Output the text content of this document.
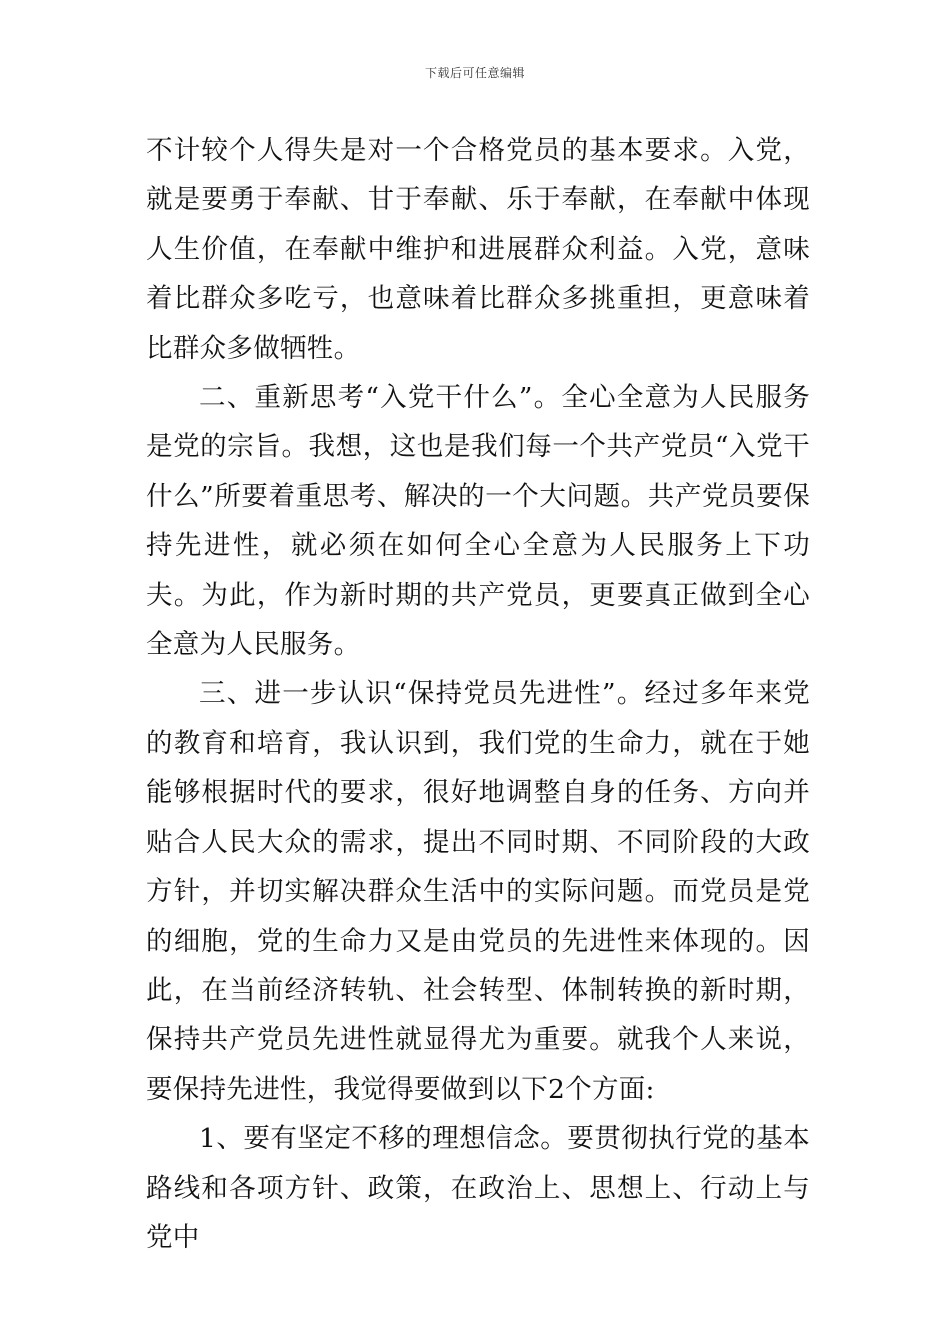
下载后可任意编辑

不计较个人得失是对一个合格党员的基本要求。入党，就是要勇于奉献、甘于奉献、乐于奉献，在奉献中体现人生价值，在奉献中维护和进展群众利益。入党，意味着比群众多吃亏，也意味着比群众多挑重担，更意味着比群众多做牺牲。

二、重新思考“入党干什么”。全心全意为人民服务是党的宗旨。我想，这也是我们每一个共产党员“入党干什么”所要着重思考、解决的一个大问题。共产党员要保持先进性，就必须在如何全心全意为人民服务上下功夫。为此，作为新时期的共产党员，更要真正做到全心全意为人民服务。

三、进一步认识“保持党员先进性”。经过多年来党的教育和培育，我认识到，我们党的生命力，就在于她能够根据时代的要求，很好地调整自身的任务、方向并贴合人民大众的需求，提出不同时期、不同阶段的大政方针，并切实解决群众生活中的实际问题。而党员是党的细胞，党的生命力又是由党员的先进性来体现的。因此，在当前经济转轨、社会转型、体制转换的新时期，保持共产党员先进性就显得尤为重要。就我个人来说，要保持先进性，我觉得要做到以下2个方面:

1、要有坚定不移的理想信念。要贯彻执行党的基本路线和各项方针、政策，在政治上、思想上、行动上与党中
